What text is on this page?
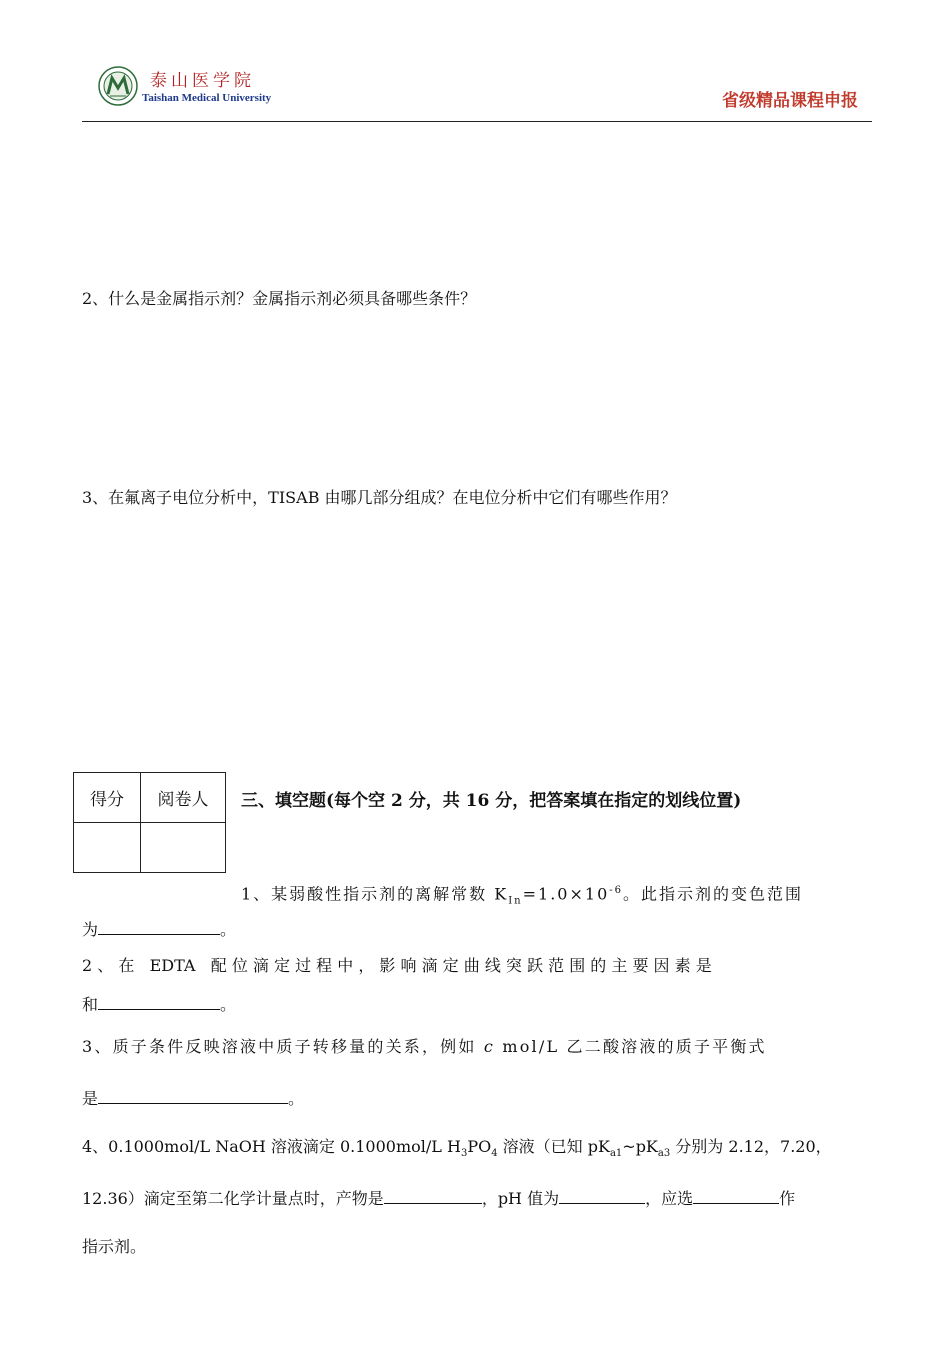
泰山医学院
Taishan Medical University	省级精品课程申报
2、什么是金属指示剂？金属指示剂必须具备哪些条件？
3、在氟离子电位分析中，TISAB 由哪几部分组成？在电位分析中它们有哪些作用？
得分	阅卷人
	三、填空题(每个空 2 分，共 16 分，把答案填在指定的划线位置)
1、某弱酸性指示剂的离解常数 $K_{In}=1.0\times 10^{-6}$。此指示剂的变色范围
为	。
2 、 在   EDTA   配 位 滴 定 过 程 中 ， 影 响 滴 定 曲 线 突 跃 范 围 的 主 要 因 素 是
和	。
3、质子条件反映溶液中质子转移量的关系，例如 c mol/L 乙二酸溶液的质子平衡式
是	。
4、0.1000mol/L NaOH 溶液滴定 0.1000mol/L $H_3PO_4$ 溶液（已知 $pK_{a1}\sim pK_{a3}$ 分别为 2.12，7.20，
12.36）滴定至第二化学计量点时，产物是	，pH 值为	，应选	作
指示剂。
